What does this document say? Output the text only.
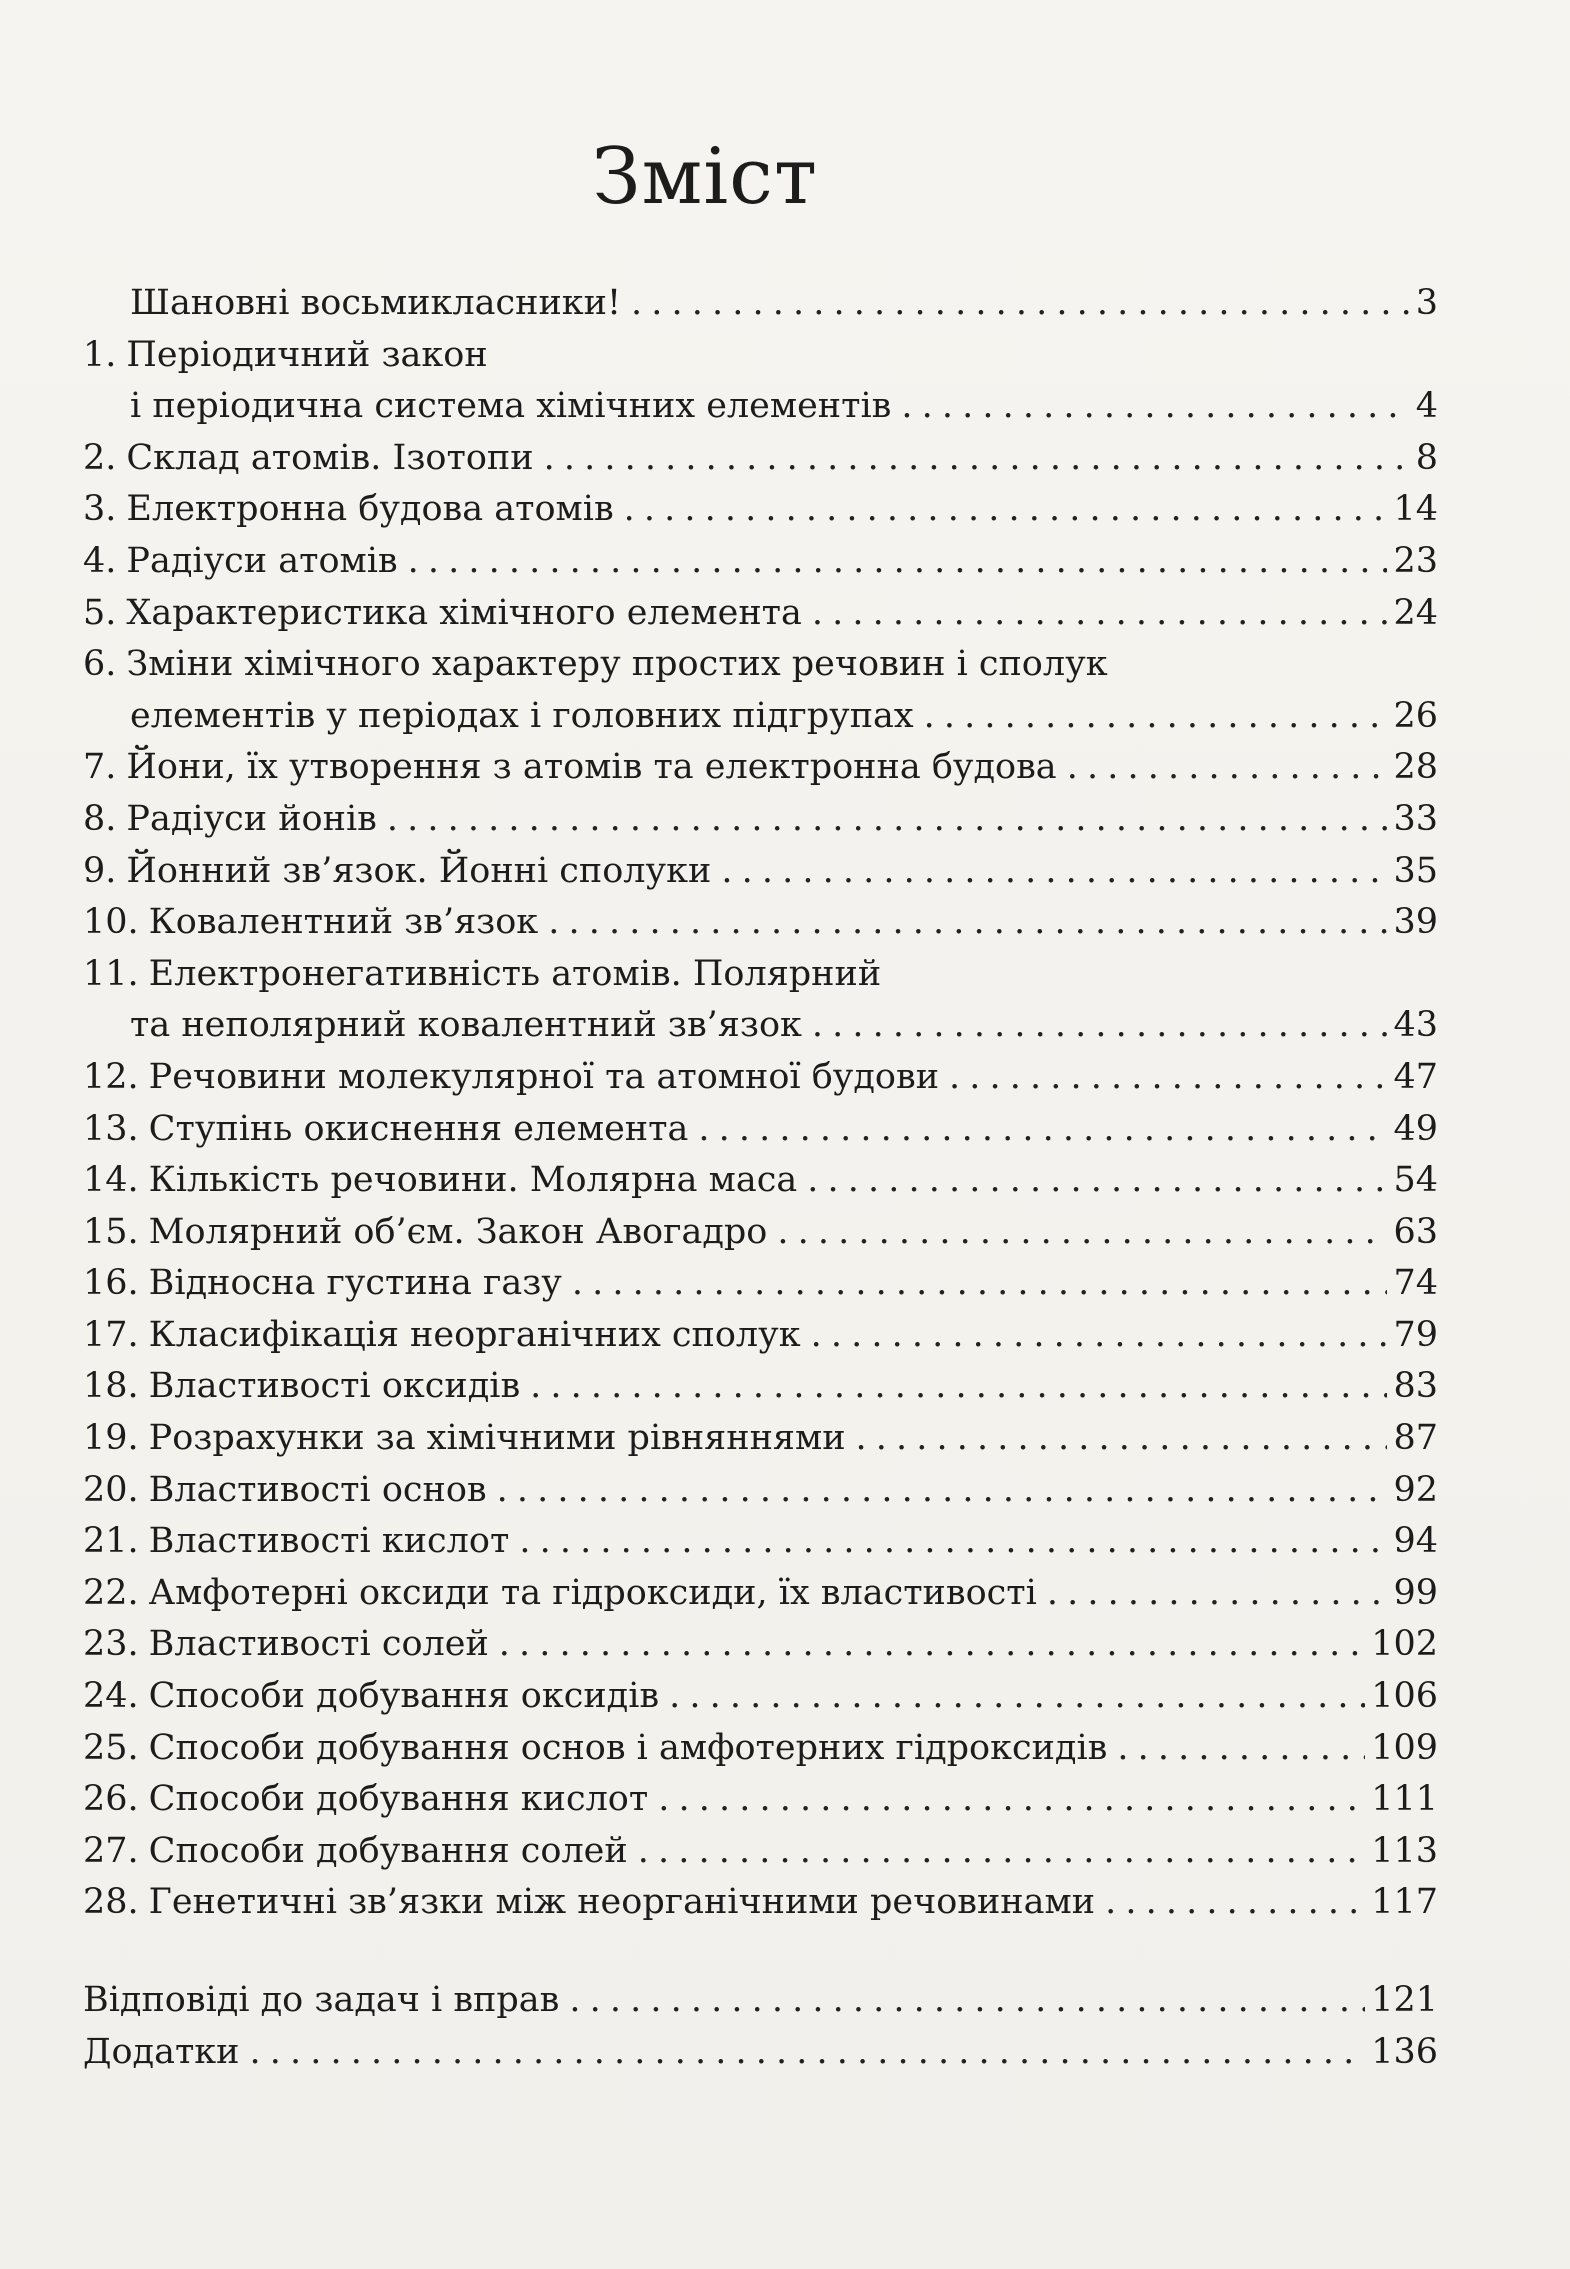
Зміст
Шановні восьмикласники! . . .	3
1. Періодичний закон
і періодична система хімічних елементів . . .	4
2. Склад атомів. Ізотопи . . .	8
3. Електронна будова атомів . . .	14
4. Радіуси атомів . . .	23
5. Характеристика хімічного елемента . . .	24
6. Зміни хімічного характеру простих речовин і сполук
елементів у періодах і головних підгрупах . . .	26
7. Йони, їх утворення з атомів та електронна будова . . .	28
8. Радіуси йонів . . .	33
9. Йонний зв’язок. Йонні сполуки . . .	35
10. Ковалентний зв’язок . . .	39
11. Електронегативність атомів. Полярний
та неполярний ковалентний зв’язок . . .	43
12. Речовини молекулярної та атомної будови . . .	47
13. Ступінь окиснення елемента . . .	49
14. Кількість речовини. Молярна маса . . .	54
15. Молярний об’єм. Закон Авогадро . . .	63
16. Відносна густина газу . . .	74
17. Класифікація неорганічних сполук . . .	79
18. Властивості оксидів . . .	83
19. Розрахунки за хімічними рівняннями . . .	87
20. Властивості основ . . .	92
21. Властивості кислот . . .	94
22. Амфотерні оксиди та гідроксиди, їх властивості . . .	99
23. Властивості солей . . .	102
24. Способи добування оксидів . . .	106
25. Способи добування основ і амфотерних гідроксидів . . .	109
26. Способи добування кислот . . .	111
27. Способи добування солей . . .	113
28. Генетичні зв’язки між неорганічними речовинами . . .	117
Відповіді до задач і вправ . . .	121
Додатки . . .	136
